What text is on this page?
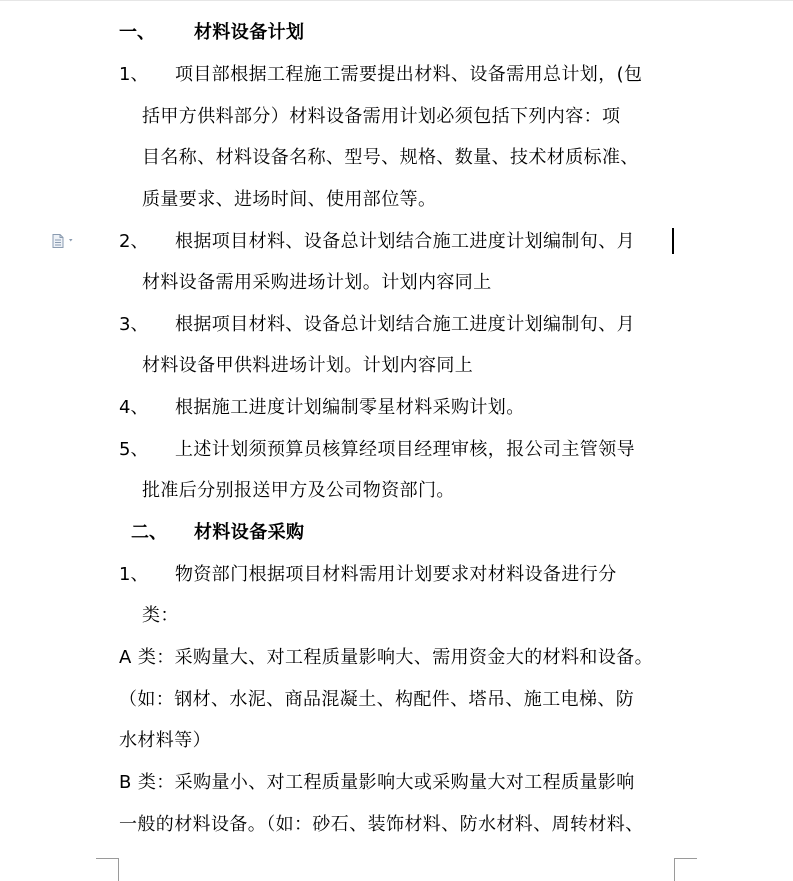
一、 材料设备计划
1、 项目部根据工程施工需要提出材料、设备需用总计划，(包
括甲方供料部分）材料设备需用计划必须包括下列内容：项
目名称、材料设备名称、型号、规格、数量、技术材质标准、
质量要求、进场时间、使用部位等。
2、 根据项目材料、设备总计划结合施工进度计划编制旬、月
材料设备需用采购进场计划。计划内容同上
3、 根据项目材料、设备总计划结合施工进度计划编制旬、月
材料设备甲供料进场计划。计划内容同上
4、 根据施工进度计划编制零星材料采购计划。
5、 上述计划须预算员核算经项目经理审核，报公司主管领导
批准后分别报送甲方及公司物资部门。
二、 材料设备采购
1、 物资部门根据项目材料需用计划要求对材料设备进行分
类：
A 类：采购量大、对工程质量影响大、需用资金大的材料和设备。
（如：钢材、水泥、商品混凝土、构配件、塔吊、施工电梯、防
水材料等）
B 类：采购量小、对工程质量影响大或采购量大对工程质量影响
一般的材料设备。（如：砂石、装饰材料、防水材料、周转材料、
